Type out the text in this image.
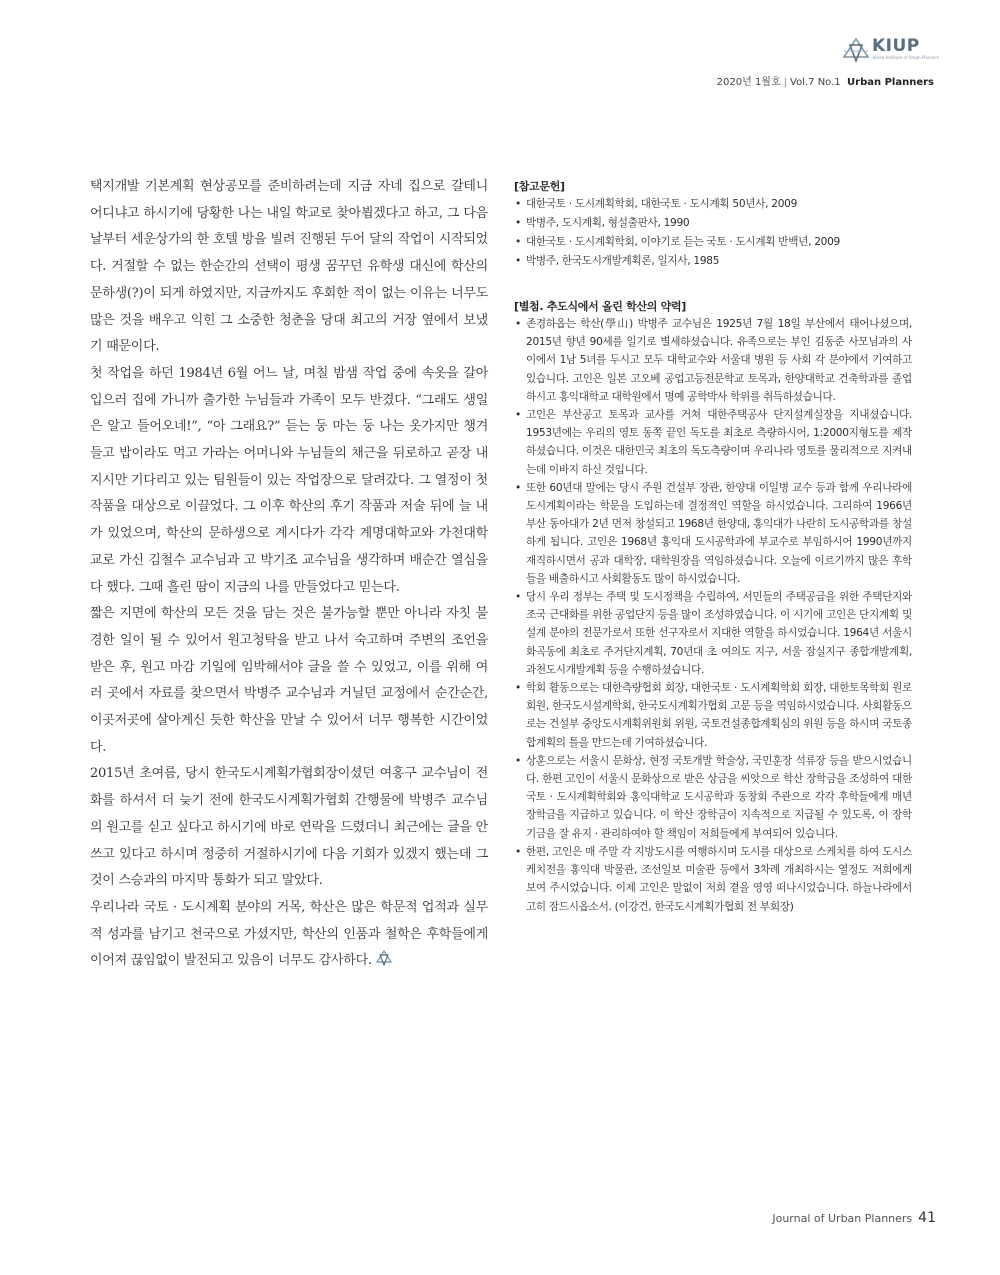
KIUP
Korea Institute of Urban Planners
2020년 1월호 | Vol.7 No.1 Urban Planners

택지개발 기본계획 현상공모를 준비하려는데 지금 자네 집으로 갈테니 어디냐고 하시기에 당황한 나는 내일 학교로 찾아뵙겠다고 하고, 그 다음 날부터 세운상가의 한 호텔 방을 빌려 진행된 두어 달의 작업이 시작되었다. 거절할 수 없는 한순간의 선택이 평생 꿈꾸던 유학생 대신에 학산의 문하생(?)이 되게 하였지만, 지금까지도 후회한 적이 없는 이유는 너무도 많은 것을 배우고 익힌 그 소중한 청춘을 당대 최고의 거장 옆에서 보냈기 때문이다.

첫 작업을 하던 1984년 6월 어느 날, 며칠 밤샘 작업 중에 속옷을 갈아입으러 집에 가니까 출가한 누님들과 가족이 모두 반겼다. “그래도 생일은 알고 들어오네!”, “아 그래요?” 듣는 둥 마는 둥 나는 옷가지만 챙겨 들고 밥이라도 먹고 가라는 어머니와 누님들의 채근을 뒤로하고 곧장 내 지시만 기다리고 있는 팀원들이 있는 작업장으로 달려갔다. 그 열정이 첫 작품을 대상으로 이끌었다. 그 이후 학산의 후기 작품과 저술 뒤에 늘 내가 있었으며, 학산의 문하생으로 계시다가 각각 계명대학교와 가천대학교로 가신 김철수 교수님과 고 박기조 교수님을 생각하며 배순간 열심을 다 했다. 그때 흘린 땀이 지금의 나를 만들었다고 믿는다.

짧은 지면에 학산의 모든 것을 담는 것은 불가능할 뿐만 아니라 자칫 불경한 일이 될 수 있어서 원고청탁을 받고 나서 숙고하며 주변의 조언을 받은 후, 원고 마감 기일에 임박해서야 글을 쓸 수 있었고, 이를 위해 여러 곳에서 자료를 찾으면서 박병주 교수님과 거닐던 교정에서 순간순간, 이곳저곳에 살아계신 듯한 학산을 만날 수 있어서 너무 행복한 시간이었다.

2015년 초여름, 당시 한국도시계획가협회장이셨던 여홍구 교수님이 전화를 하셔서 더 늦기 전에 한국도시계획가협회 간행물에 박병주 교수님의 원고를 싣고 싶다고 하시기에 바로 연락을 드렸더니 최근에는 글을 안 쓰고 있다고 하시며 정중히 거절하시기에 다음 기회가 있겠지 했는데 그것이 스승과의 마지막 통화가 되고 말았다.

우리나라 국토 · 도시계획 분야의 거목, 학산은 많은 학문적 업적과 실무적 성과를 남기고 천국으로 가셨지만, 학산의 인품과 철학은 후학들에게 이어져 끊임없이 발전되고 있음이 너무도 감사하다.

[참고문헌]
• 대한국토 · 도시계획학회, 대한국토 · 도시계획 50년사, 2009
• 박병주, 도시계획, 형설출판사, 1990
• 대한국토 · 도시계획학회, 이야기로 듣는 국토 · 도시계획 반백년, 2009
• 박병주, 한국도시개발계획론, 일지사, 1985
[별첨. 추도식에서 올린 학산의 약력]
• 존경하옵는 학산(學山) 박병주 교수님은 1925년 7월 18일 부산에서 태어나셨으며, 2015년 향년 90세를 일기로 별세하셨습니다. 유족으로는 부인 김동준 사모님과의 사이에서 1남 5녀를 두시고 모두 대학교수와 서울대 병원 등 사회 각 분야에서 기여하고 있습니다. 고인은 일본 고오베 공업고등전문학교 토목과, 한양대학교 건축학과를 졸업하시고 홍익대학교 대학원에서 명예 공학박사 학위를 취득하셨습니다.
• 고인은 부산공고 토목과 교사를 거쳐 대한주택공사 단지설계실장을 지내셨습니다. 1953년에는 우리의 영토 동쪽 끝인 독도를 최초로 측량하시어, 1:2000지형도를 제작하셨습니다. 이것은 대한민국 최초의 독도측량이며 우리나라 영토를 물리적으로 지켜내는데 이바지 하신 것입니다.
• 또한 60년대 말에는 당시 주원 건설부 장관, 한양대 이일병 교수 등과 함께 우리나라에 도시계획이라는 학문을 도입하는데 결정적인 역할을 하시었습니다. 그리하여 1966년 부산 동아대가 2년 먼저 창설되고 1968년 한양대, 홍익대가 나란히 도시공학과를 창설하게 됩니다. 고인은 1968년 홍익대 도시공학과에 부교수로 부임하시어 1990년까지 재직하시면서 공과 대학장, 대학원장을 역임하셨습니다. 오늘에 이르기까지 많은 후학들을 배출하시고 사회활동도 많이 하시었습니다.
• 당시 우리 정부는 주택 및 도시정책을 수립하여, 서민들의 주택공급을 위한 주택단지와 조국 근대화를 위한 공업단지 등을 많이 조성하였습니다. 이 시기에 고인은 단지계획 및 설계 분야의 전문가로서 또한 선구자로서 지대한 역할을 하시었습니다. 1964년 서울시 화곡동에 최초로 주거단지계획, 70년대 초 여의도 지구, 서울 잠실지구 종합개발계획, 과천도시개발계획 등을 수행하셨습니다.
• 학회 활동으로는 대한측량협회 회장, 대한국토 · 도시계획학회 회장, 대한토목학회 원로 회원, 한국도시설계학회, 한국도시계획가협회 고문 등을 역임하시었습니다. 사회활동으로는 건설부 중앙도시계획위원회 위원, 국토건설종합계획심의 위원 등을 하시며 국토종합계획의 틀을 만드는데 기여하셨습니다.
• 상훈으로는 서울시 문화상, 현정 국토개발 학술상, 국민훈장 석류장 등을 받으시었습니다. 한편 고인이 서울시 문화상으로 받은 상금을 씨앗으로 학산 장학금을 조성하여 대한국토 · 도시계획학회와 홍익대학교 도시공학과 동창회 주관으로 각각 후학들에게 매년 장학금을 지급하고 있습니다. 이 학산 장학금이 지속적으로 지급될 수 있도록, 이 장학기금을 잘 유지 · 관리하여야 할 책임이 저희들에게 부여되어 있습니다.
• 한편, 고인은 매 주말 각 지방도시를 여행하시며 도시를 대상으로 스케치를 하여 도시스케치전을 홍익대 박물관, 조선일보 미술관 등에서 3차례 개최하시는 열정도 저희에게 보여 주시었습니다. 이제 고인은 말없이 저희 곁을 영영 떠나시었습니다. 하늘나라에서 고히 잠드시옵소서. (이강건, 한국도시계획가협회 전 부회장)
Journal of Urban Planners 41
